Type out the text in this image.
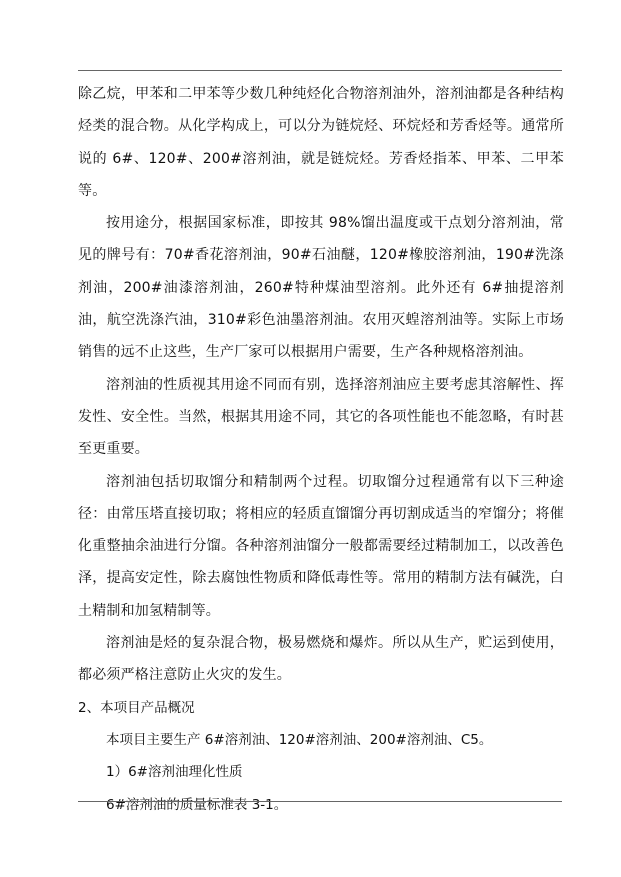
除乙烷，甲苯和二甲苯等少数几种纯烃化合物溶剂油外，溶剂油都是各种结构烃类的混合物。从化学构成上，可以分为链烷烃、环烷烃和芳香烃等。通常所说的 6#、120#、200#溶剂油，就是链烷烃。芳香烃指苯、甲苯、二甲苯等。

按用途分，根据国家标准，即按其 98%馏出温度或干点划分溶剂油，常见的牌号有：70#香花溶剂油，90#石油醚，120#橡胶溶剂油，190#洗涤剂油，200#油漆溶剂油，260#特种煤油型溶剂。此外还有 6#抽提溶剂油，航空洗涤汽油，310#彩色油墨溶剂油。农用灭蝗溶剂油等。实际上市场销售的远不止这些，生产厂家可以根据用户需要，生产各种规格溶剂油。

溶剂油的性质视其用途不同而有别，选择溶剂油应主要考虑其溶解性、挥发性、安全性。当然，根据其用途不同，其它的各项性能也不能忽略，有时甚至更重要。

溶剂油包括切取馏分和精制两个过程。切取馏分过程通常有以下三种途径：由常压塔直接切取；将相应的轻质直馏馏分再切割成适当的窄馏分；将催化重整抽余油进行分馏。各种溶剂油馏分一般都需要经过精制加工，以改善色泽，提高安定性，除去腐蚀性物质和降低毒性等。常用的精制方法有碱洗，白土精制和加氢精制等。

溶剂油是烃的复杂混合物，极易燃烧和爆炸。所以从生产，贮运到使用，都必须严格注意防止火灾的发生。

2、本项目产品概况

本项目主要生产 6#溶剂油、120#溶剂油、200#溶剂油、C5。

1）6#溶剂油理化性质

6#溶剂油的质量标准表 3-1。
